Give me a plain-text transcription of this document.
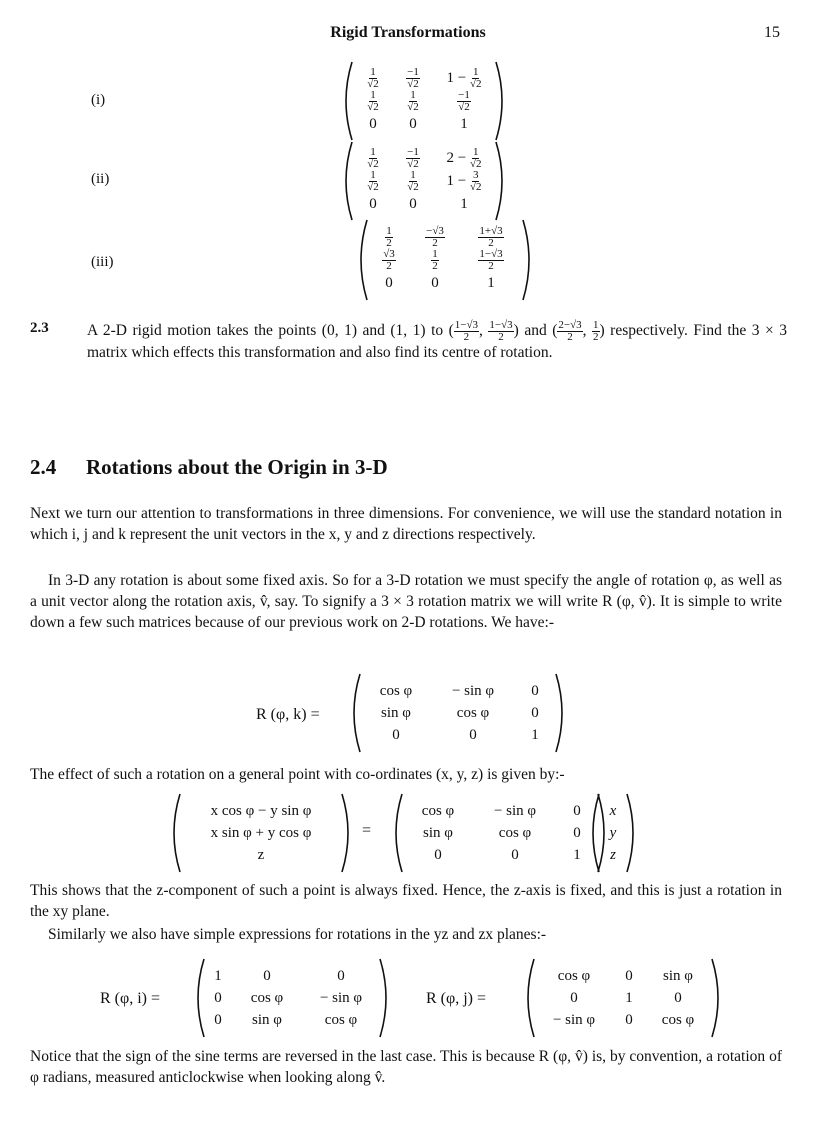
Rigid Transformations	15
(i)
$\frac{1}{√2} \frac{-1}{√2}$	$1 - \frac{1}{√2}$
$\frac{1}{√2}$	$\frac{1}{√2}$	$\frac{-1}{√2}$
0	0	1
(ii)
$\frac{1}{√2} \frac{-1}{√2}$	$2 - \frac{1}{√2}$
$\frac{1}{√2}$	$\frac{1}{√2}$	$1 - \frac{3}{√2}$
0	0	1
(iii)
$\frac{1}{2}$	$\frac{-√3}{2}$	$\frac{1+√3}{2}$
$\frac{√3}{2}$	$\frac{1}{2}$	$\frac{1-√3}{2}$
0	0	1
2.3 A 2-D rigid motion takes the points (0, 1) and (1, 1) to ( $\frac{1-√3}{2}$ , $\frac{1-√3}{2}$ ) and ( $\frac{2-√3}{2}$ , $\frac{1}{2}$ ) respectively. Find the 3 × 3 matrix which effects this transformation and also find its centre of rotation.
2.4 Rotations about the Origin in 3-D
Next we turn our attention to transformations in three dimensions. For convenience, we will use the standard notation in which i, j and k represent the unit vectors in the x, y and z directions respectively.
In 3-D any rotation is about some fixed axis. So for a 3-D rotation we must specify the angle of rotation φ, as well as a unit vector along the rotation axis, v̂, say. To signify a 3 × 3 rotation matrix we will write R (φ, v̂). It is simple to write down a few such matrices because of our previous work on 2-D rotations. We have:-
R (φ, k) =
cos φ	− sin φ	0
sin φ	cos φ	0
0	0	1
The effect of such a rotation on a general point with co-ordinates (x, y, z) is given by:-
x cos φ − y sin φ
x sin φ + y cos φ
z
=
cos φ	− sin φ	0
sin φ	cos φ	0
0	0	1
x
y
z
This shows that the z-component of such a point is always fixed. Hence, the z-axis is fixed, and this is just a rotation in the xy plane.
Similarly we also have simple expressions for rotations in the yz and zx planes:-
R (φ, i) =
1	0	0
0	cos φ	− sin φ
0	sin φ	cos φ
R (φ, j) =
cos φ	0	sin φ
0	1	0
− sin φ	0	cos φ
Notice that the sign of the sine terms are reversed in the last case. This is because R (φ, v̂) is, by convention, a rotation of φ radians, measured anticlockwise when looking along v̂.
